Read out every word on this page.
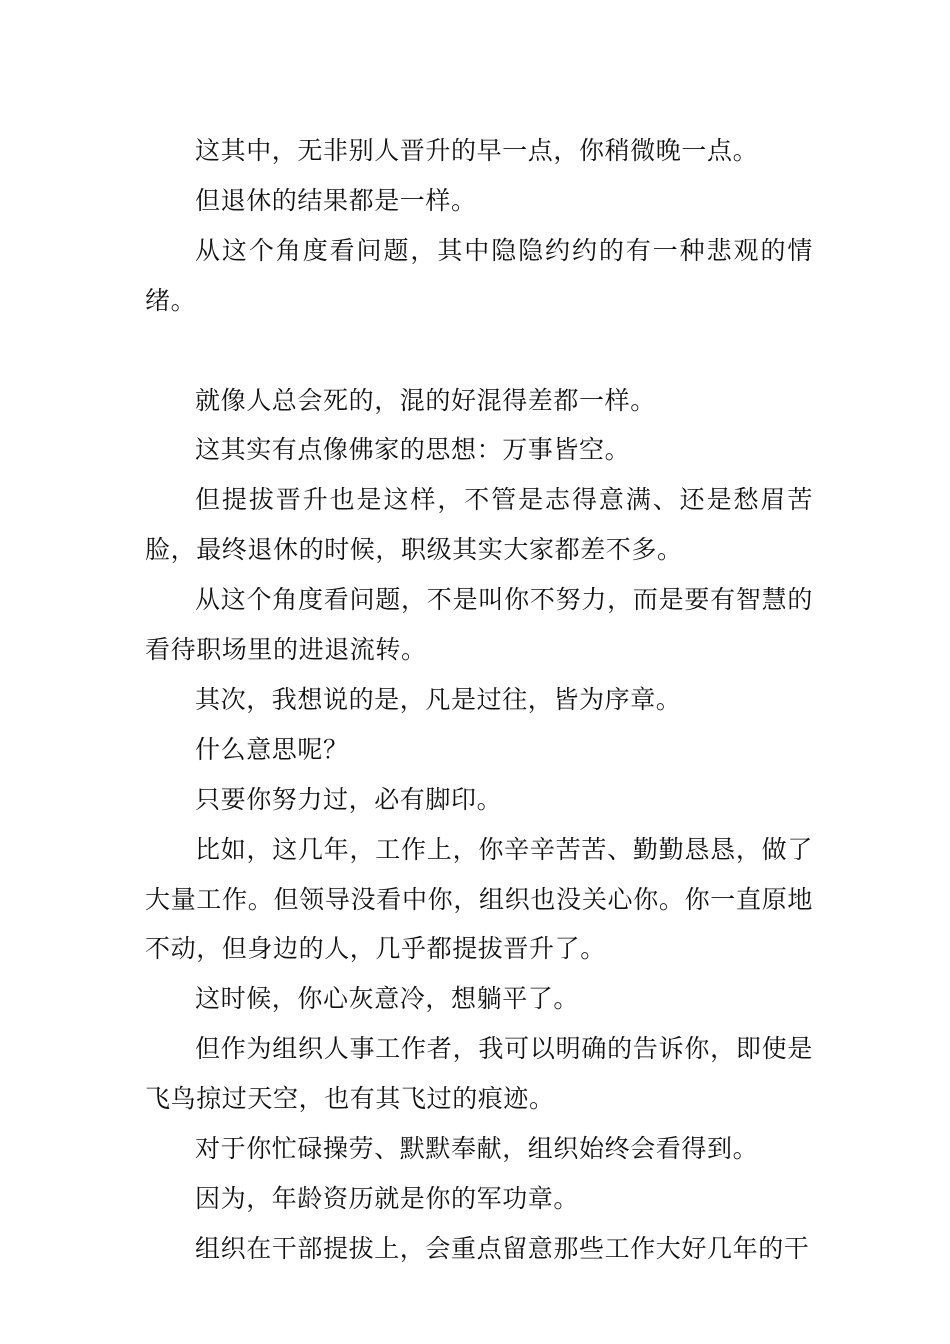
这其中，无非别人晋升的早一点，你稍微晚一点。

但退休的结果都是一样。

从这个角度看问题，其中隐隐约约的有一种悲观的情绪。

就像人总会死的，混的好混得差都一样。

这其实有点像佛家的思想：万事皆空。

但提拔晋升也是这样，不管是志得意满、还是愁眉苦脸，最终退休的时候，职级其实大家都差不多。

从这个角度看问题，不是叫你不努力，而是要有智慧的看待职场里的进退流转。

其次，我想说的是，凡是过往，皆为序章。

什么意思呢？

只要你努力过，必有脚印。

比如，这几年，工作上，你辛辛苦苦、勤勤恳恳，做了大量工作。但领导没看中你，组织也没关心你。你一直原地不动，但身边的人，几乎都提拔晋升了。

这时候，你心灰意冷，想躺平了。

但作为组织人事工作者，我可以明确的告诉你，即使是飞鸟掠过天空，也有其飞过的痕迹。

对于你忙碌操劳、默默奉献，组织始终会看得到。

因为，年龄资历就是你的军功章。

组织在干部提拔上，会重点留意那些工作大好几年的干
